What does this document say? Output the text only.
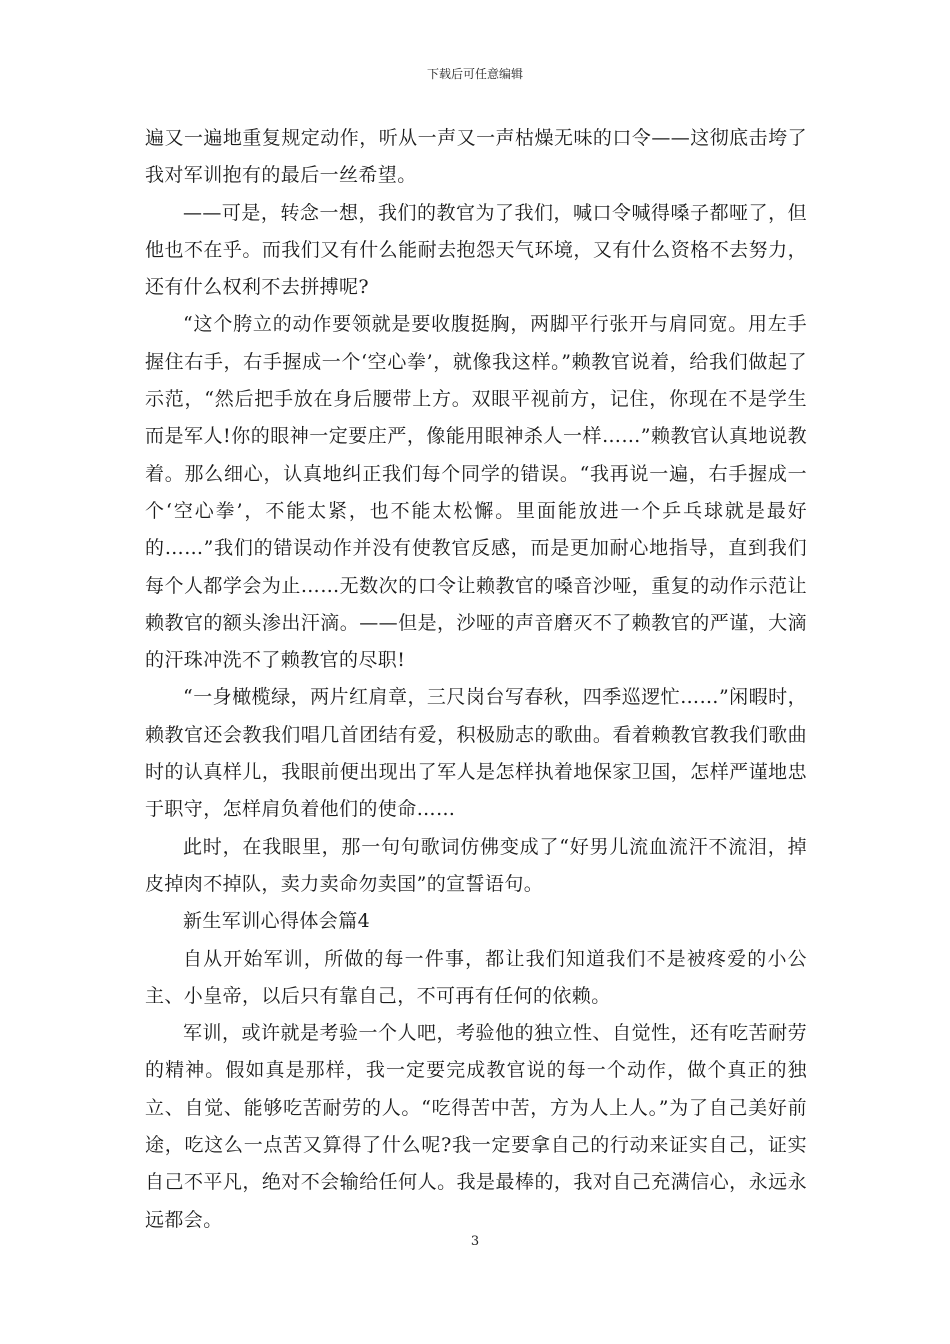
下载后可任意编辑

遍又一遍地重复规定动作，听从一声又一声枯燥无味的口令——这彻底击垮了我对军训抱有的最后一丝希望。

——可是，转念一想，我们的教官为了我们，喊口令喊得嗓子都哑了，但他也不在乎。而我们又有什么能耐去抱怨天气环境，又有什么资格不去努力，还有什么权利不去拼搏呢?

“这个胯立的动作要领就是要收腹挺胸，两脚平行张开与肩同宽。用左手握住右手，右手握成一个‘空心拳’，就像我这样。”赖教官说着，给我们做起了示范，“然后把手放在身后腰带上方。双眼平视前方，记住，你现在不是学生而是军人!你的眼神一定要庄严，像能用眼神杀人一样……”赖教官认真地说教着。那么细心，认真地纠正我们每个同学的错误。“我再说一遍，右手握成一个‘空心拳’，不能太紧，也不能太松懈。里面能放进一个乒乓球就是最好的……”我们的错误动作并没有使教官反感，而是更加耐心地指导，直到我们每个人都学会为止……无数次的口令让赖教官的嗓音沙哑，重复的动作示范让赖教官的额头渗出汗滴。——但是，沙哑的声音磨灭不了赖教官的严谨，大滴的汗珠冲洗不了赖教官的尽职!

“一身橄榄绿，两片红肩章，三尺岗台写春秋，四季巡逻忙……”闲暇时，赖教官还会教我们唱几首团结有爱，积极励志的歌曲。看着赖教官教我们歌曲时的认真样儿，我眼前便出现出了军人是怎样执着地保家卫国，怎样严谨地忠于职守，怎样肩负着他们的使命……

此时，在我眼里，那一句句歌词仿佛变成了“好男儿流血流汗不流泪，掉皮掉肉不掉队，卖力卖命勿卖国”的宣誓语句。

新生军训心得体会篇4

自从开始军训，所做的每一件事，都让我们知道我们不是被疼爱的小公主、小皇帝，以后只有靠自己，不可再有任何的依赖。

军训，或许就是考验一个人吧，考验他的独立性、自觉性，还有吃苦耐劳的精神。假如真是那样，我一定要完成教官说的每一个动作，做个真正的独立、自觉、能够吃苦耐劳的人。“吃得苦中苦，方为人上人。”为了自己美好前途，吃这么一点苦又算得了什么呢?我一定要拿自己的行动来证实自己，证实自己不平凡，绝对不会输给任何人。我是最棒的，我对自己充满信心，永远永远都会。

3
